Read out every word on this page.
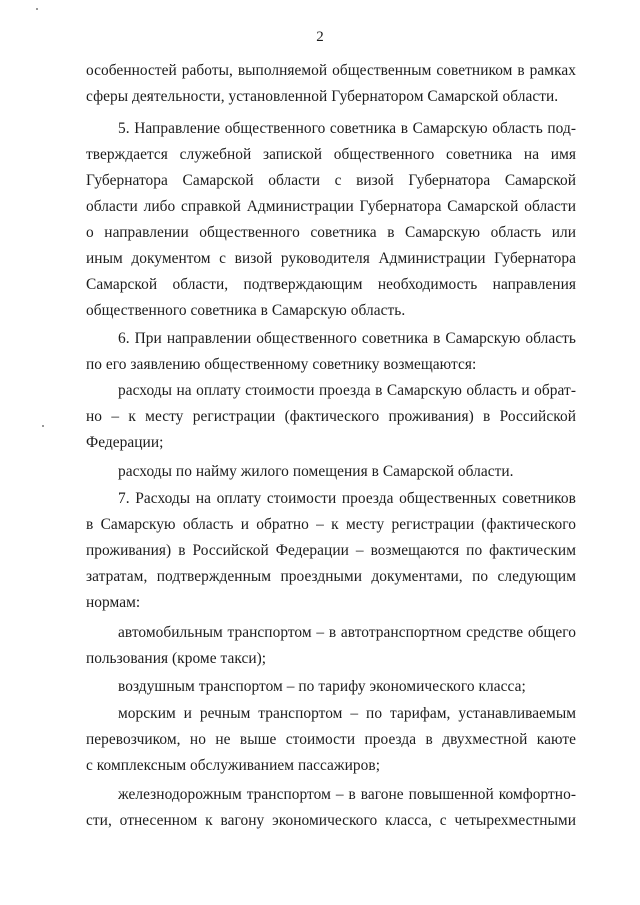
2
особенностей работы, выполняемой общественным советником в рамках
сферы деятельности, установленной Губернатором Самарской области.
5. Направление общественного советника в Самарскую область под-
тверждается служебной запиской общественного советника на имя
Губернатора Самарской области с визой Губернатора Самарской
области либо справкой Администрации Губернатора Самарской области
о направлении общественного советника в Самарскую область или
иным документом с визой руководителя Администрации Губернатора
Самарской области, подтверждающим необходимость направления
общественного советника в Самарскую область.
6. При направлении общественного советника в Самарскую область
по его заявлению общественному советнику возмещаются:
расходы на оплату стоимости проезда в Самарскую область и обрат-
но – к месту регистрации (фактического проживания) в Российской
Федерации;
расходы по найму жилого помещения в Самарской области.
7. Расходы на оплату стоимости проезда общественных советников
в Самарскую область и обратно – к месту регистрации (фактического
проживания) в Российской Федерации – возмещаются по фактическим
затратам, подтвержденным проездными документами, по следующим
нормам:
автомобильным транспортом – в автотранспортном средстве общего
пользования (кроме такси);
воздушным транспортом – по тарифу экономического класса;
морским и речным транспортом – по тарифам, устанавливаемым
перевозчиком, но не выше стоимости проезда в двухместной каюте
с комплексным обслуживанием пассажиров;
железнодорожным транспортом – в вагоне повышенной комфортно-
сти, отнесенном к вагону экономического класса, с четырехместными
